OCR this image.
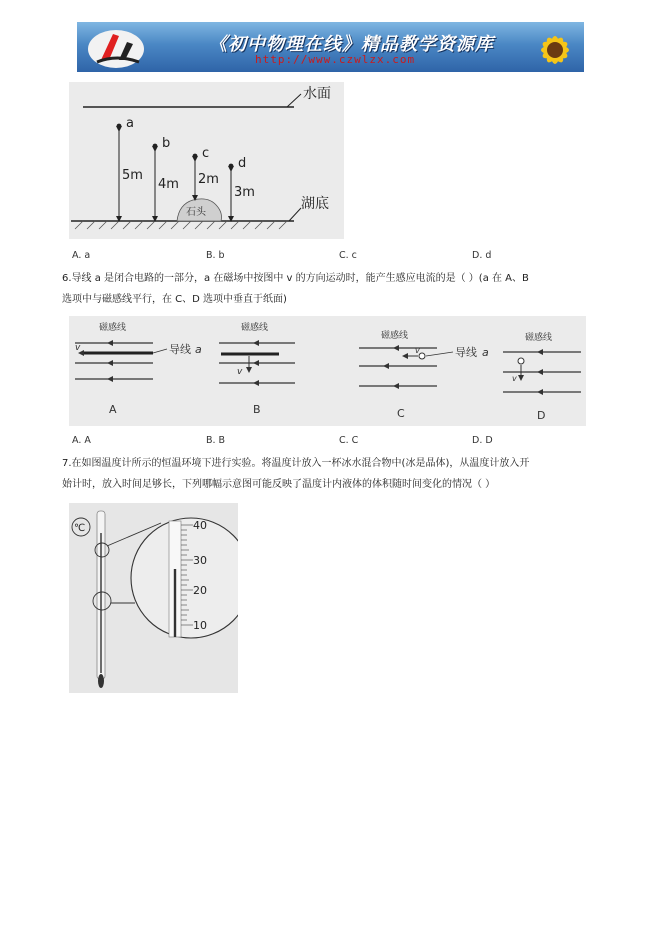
《初中物理在线》精品教学资源库
http://www.czwlzx.com
水面
湖底
石头
a
5m
b
4m
c
2m
d
3m
A. a	B. b	C. c	D. d
6.导线 a 是闭合电路的一部分，a 在磁场中按图中 v 的方向运动时，能产生感应电流的是（ ）(a 在 A、B
选项中与磁感线平行，在 C、D 选项中垂直于纸面)
磁感线
v	导线 a
A
磁感线
v
B
磁感线
v	导线 a
C
磁感线
v
D
A. A	B. B	C. C	D. D
7.在如图温度计所示的恒温环境下进行实验。将温度计放入一杯冰水混合物中(冰是晶体)，从温度计放入开
始计时，放入时间足够长，下列哪幅示意图可能反映了温度计内液体的体积随时间变化的情况（ ）
℃	40
30
20
10
